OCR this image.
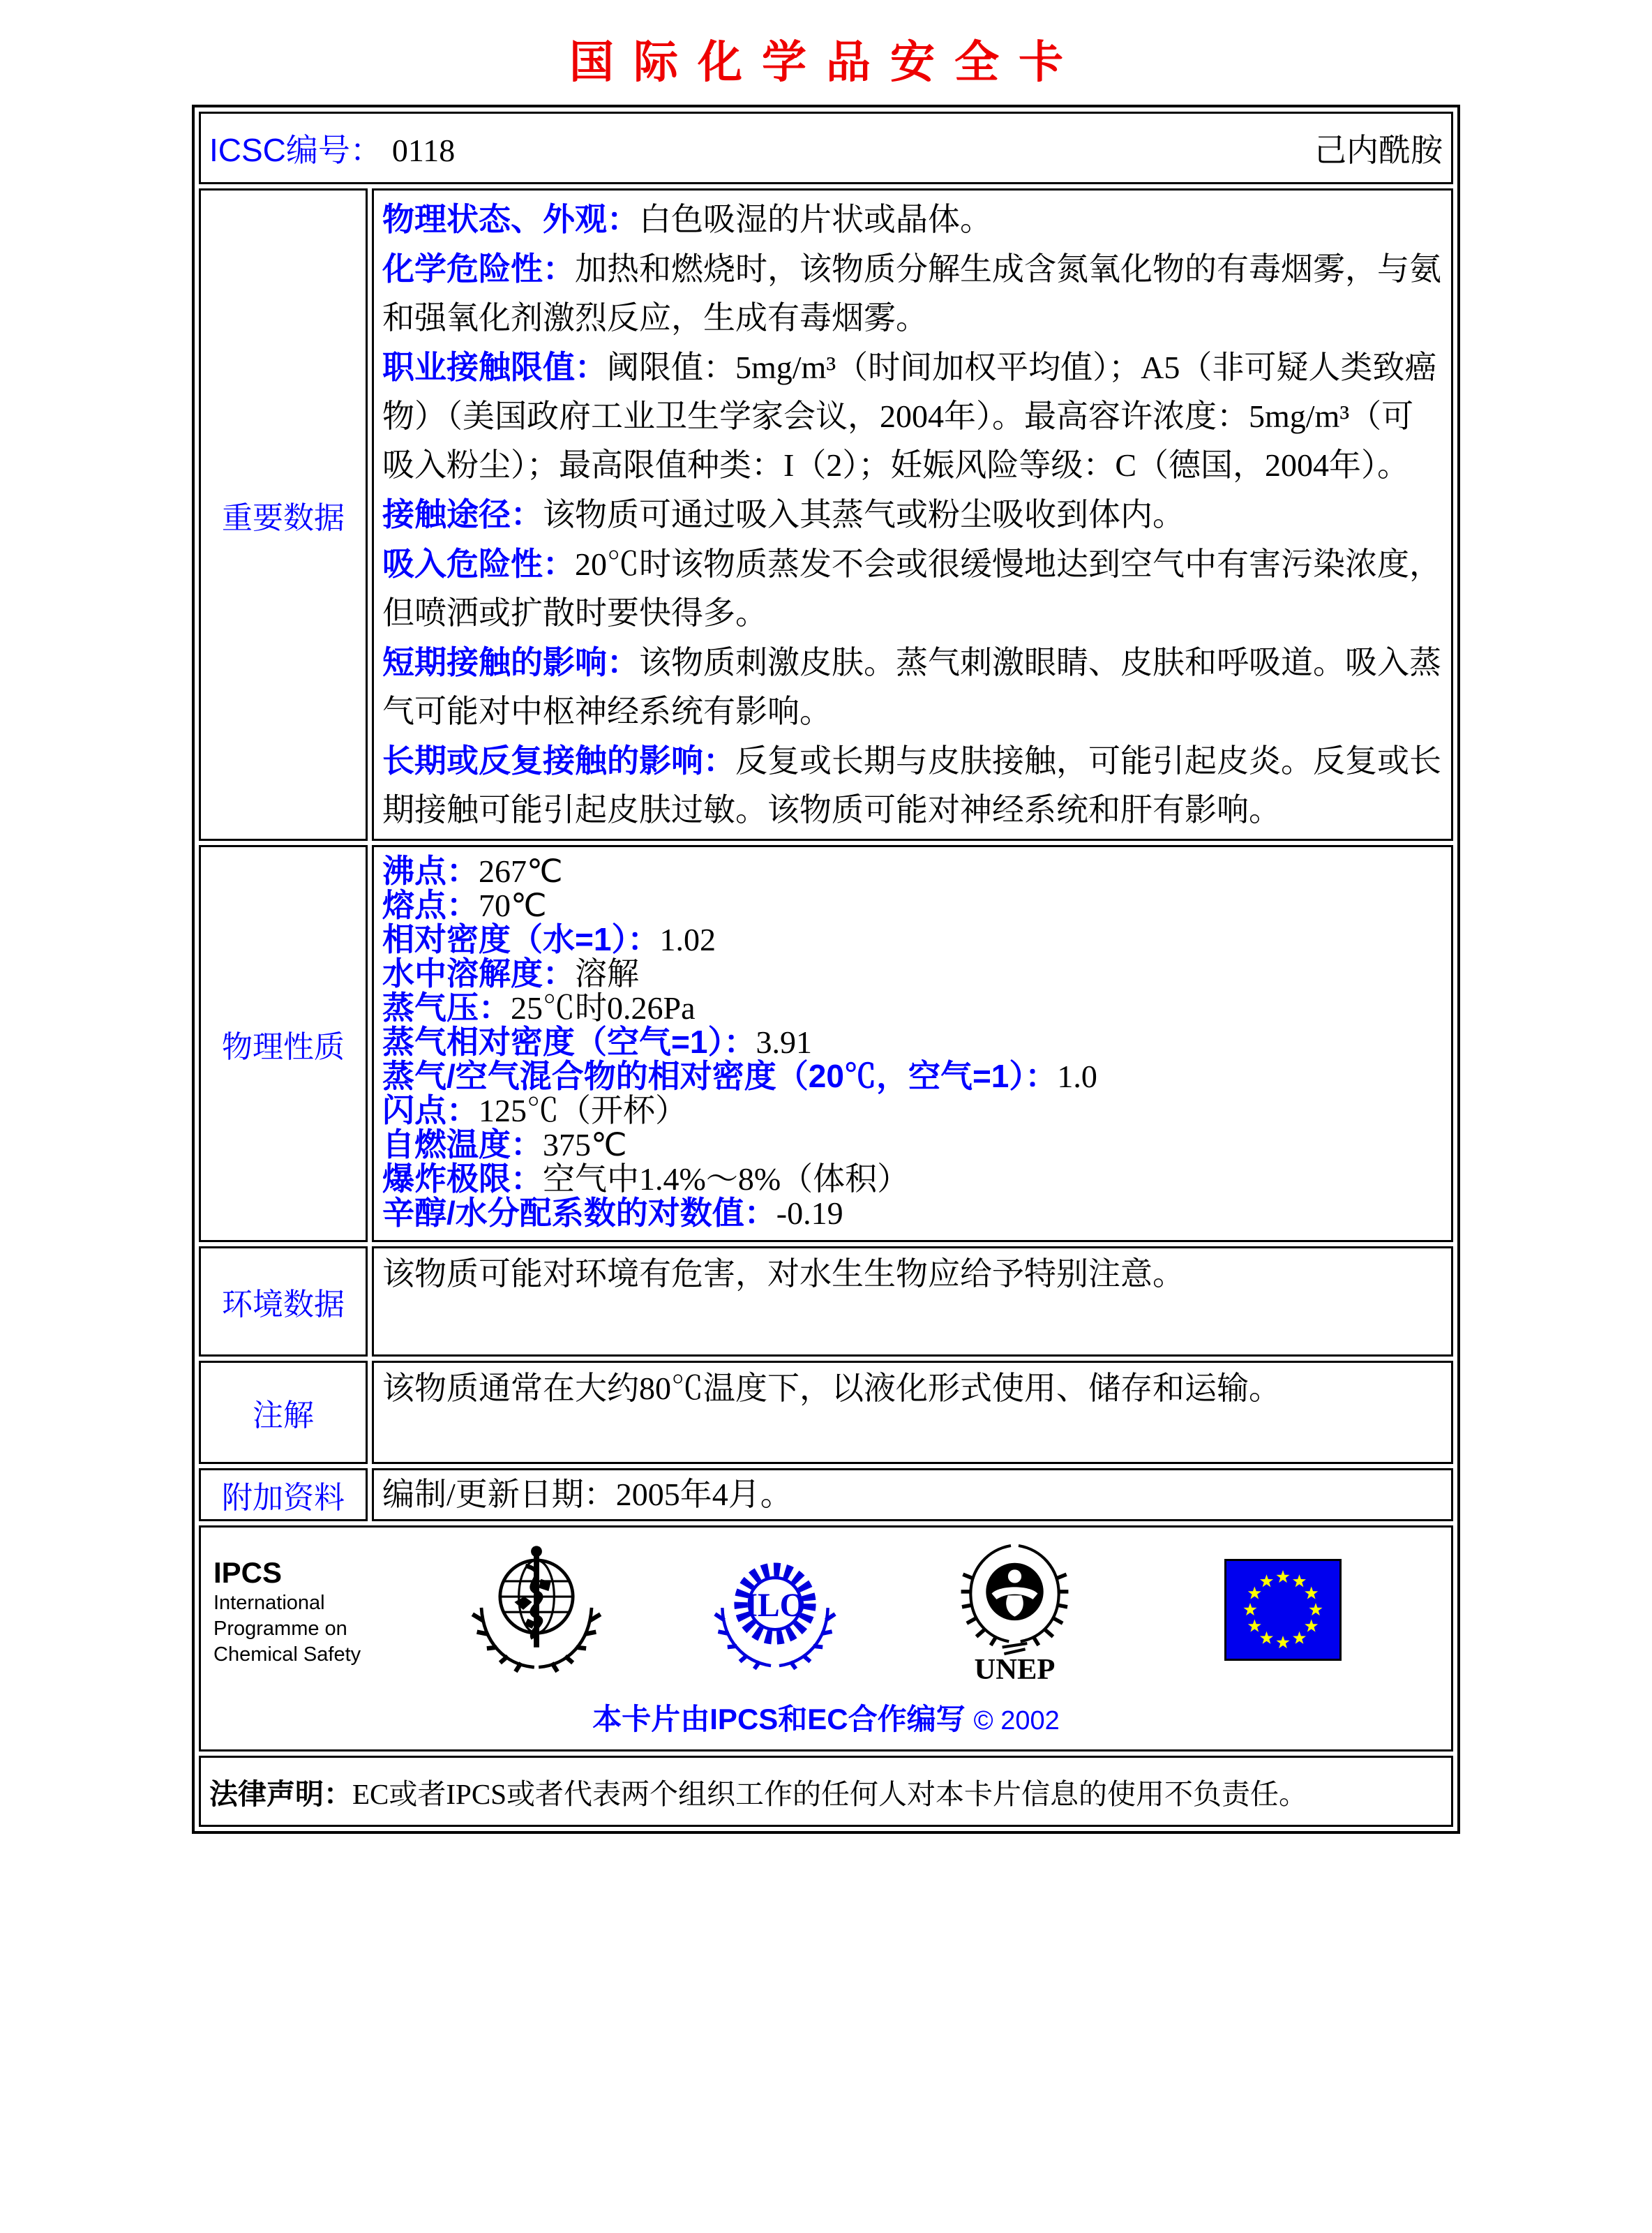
国际化学品安全卡
ICSC编号： 0118 己内酰胺	

重要数据	
物理状态、外观：白色吸湿的片状或晶体。
化学危险性：加热和燃烧时，该物质分解生成含氮氧化物的有毒烟雾，与氨和强氧化剂激烈反应，生成有毒烟雾。
职业接触限值：阈限值：5mg/m³（时间加权平均值）；A5（非可疑人类致癌物）（美国政府工业卫生学家会议，2004年）。最高容许浓度：5mg/m³（可吸入粉尘）；最高限值种类：I（2）；妊娠风险等级：C（德国，2004年）。
接触途径：该物质可通过吸入其蒸气或粉尘吸收到体内。
吸入危险性：20℃时该物质蒸发不会或很缓慢地达到空气中有害污染浓度，但喷洒或扩散时要快得多。
短期接触的影响：该物质刺激皮肤。蒸气刺激眼睛、皮肤和呼吸道。吸入蒸气可能对中枢神经系统有影响。
长期或反复接触的影响：反复或长期与皮肤接触，可能引起皮炎。反复或长期接触可能引起皮肤过敏。该物质可能对神经系统和肝有影响。

物理性质	
沸点：267℃
熔点：70℃
相对密度（水=1）：1.02
水中溶解度：溶解
蒸气压：25℃时0.26Pa
蒸气相对密度（空气=1）：3.91
蒸气/空气混合物的相对密度（20℃，空气=1）：1.0
闪点：125℃（开杯）
自燃温度：375℃
爆炸极限：空气中1.4%～8%（体积）
辛醇/水分配系数的对数值：-0.19

环境数据	该物质可能对环境有危害，对水生生物应给予特别注意。
注解	该物质通常在大约80℃温度下，以液化形式使用、储存和运输。
附加资料	编制/更新日期：2005年4月。

IPCS
International
Programme on
Chemical Safety
ILO
UNEP
本卡片由IPCS和EC合作编写 © 2002

法律声明：EC或者IPCS或者代表两个组织工作的任何人对本卡片信息的使用不负责任。	
